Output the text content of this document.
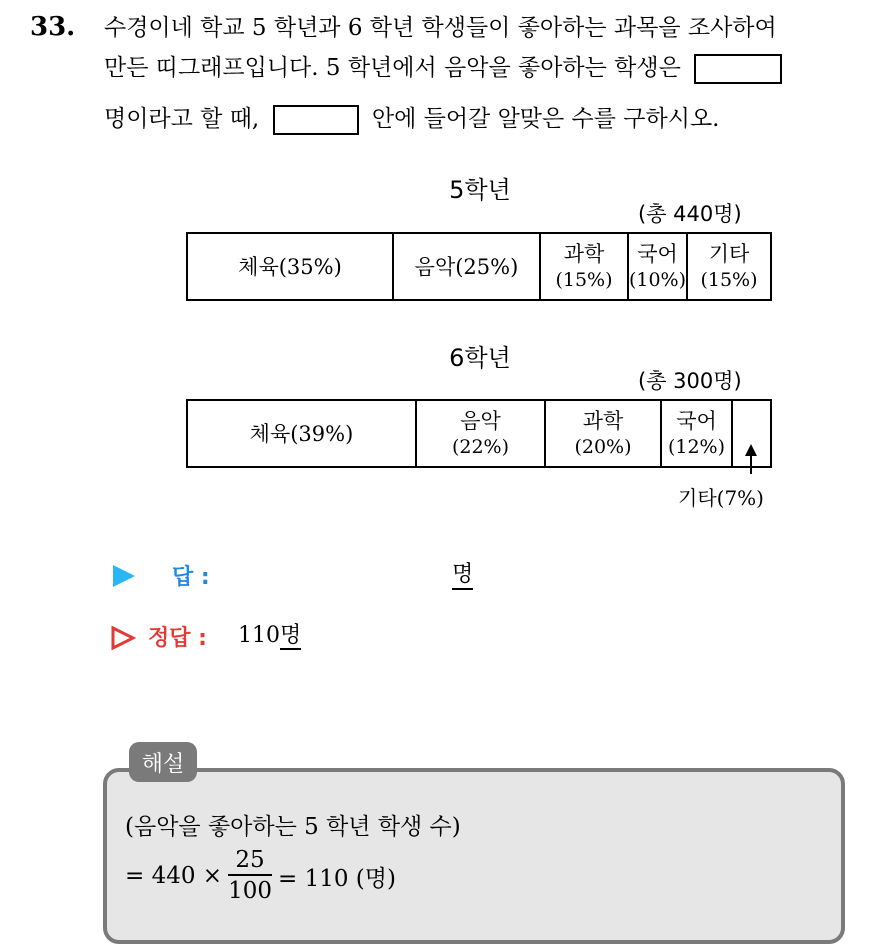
33. 수경이네 학교 5 학년과 6 학년 학생들이 좋아하는 과목을 조사하여
만든 띠그래프입니다. 5 학년에서 음악을 좋아하는 학생은
명이라고 할 때,	안에 들어갈 알맞은 수를 구하시오.
5학년
(총 440명)
체육(35%)	음악(25%)
과학
(15%)
국어
(10%)
기타
(15%)
6학년
(총 300명)
체육(39%)
음악
(22%)
과학
(20%)
국어
(12%)
기타(7%)
답 :	명
정답 : 110명
해설
(음악을 좋아하는 5 학년 학생 수)
= $440 \times \frac{25}{100} = 110$ (명)
